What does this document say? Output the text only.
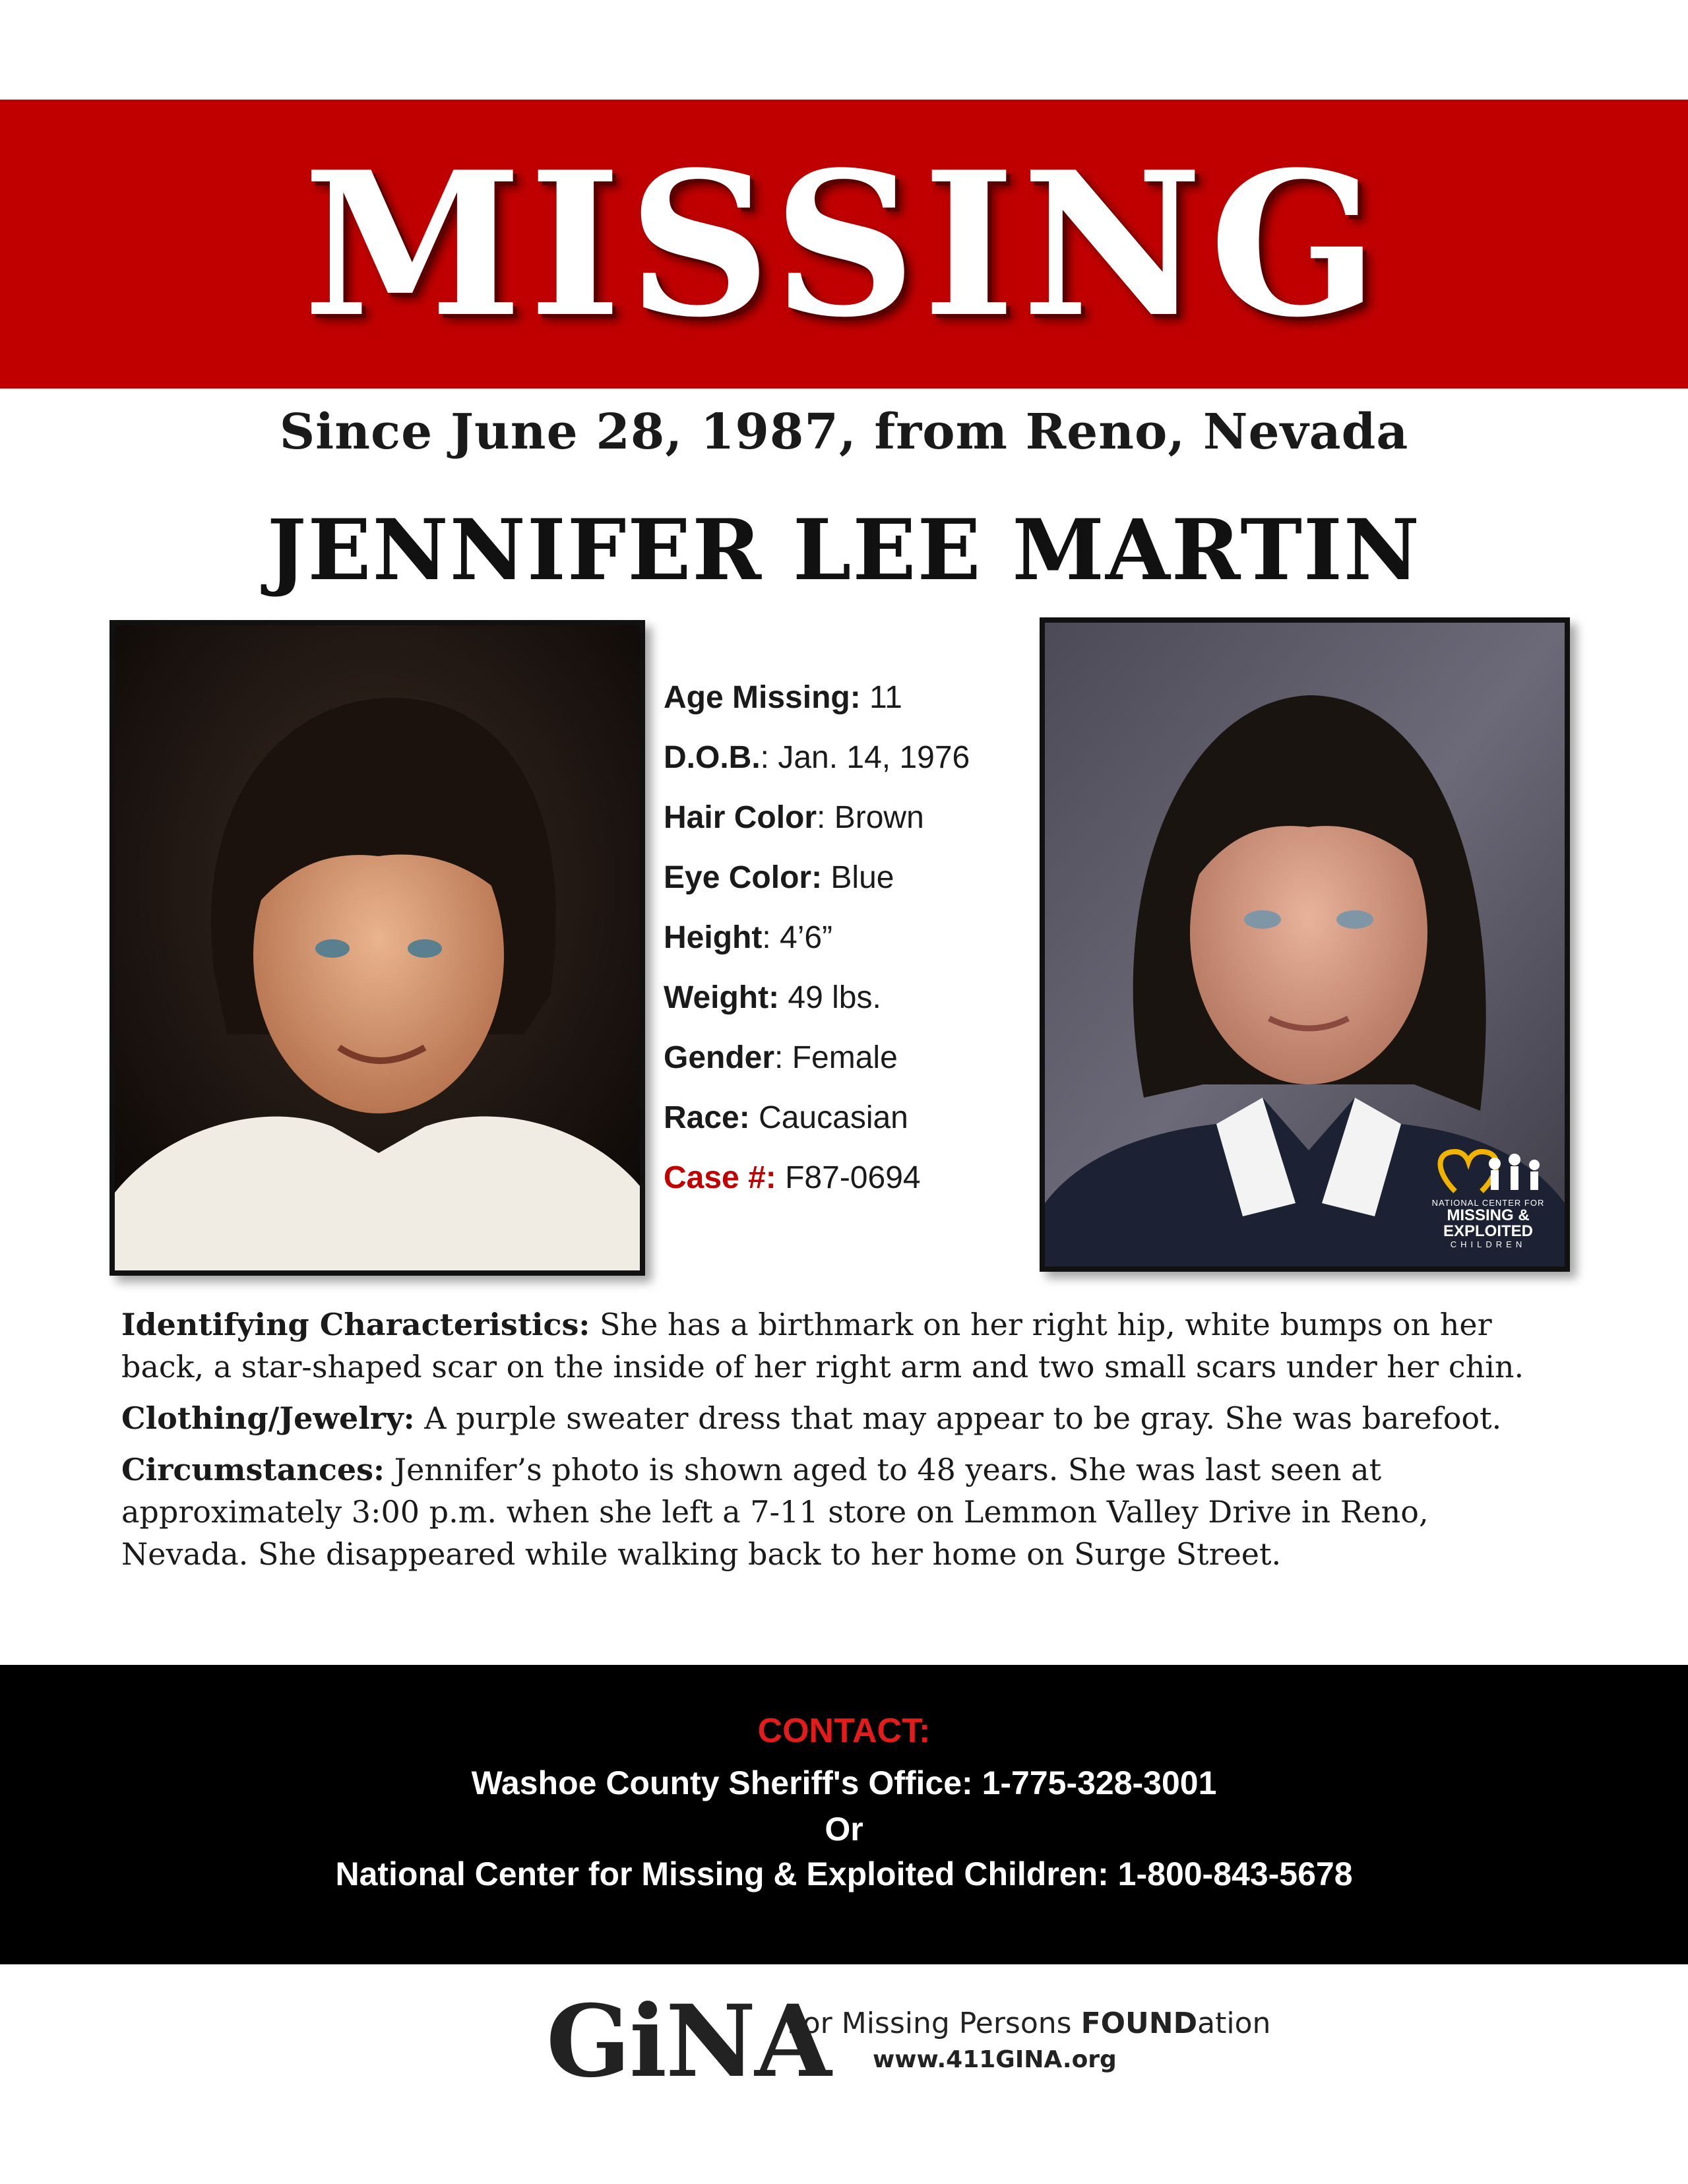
MISSING
Since June 28, 1987, from Reno, Nevada
JENNIFER LEE MARTIN
Age Missing: 11
D.O.B.: Jan. 14, 1976
Hair Color: Brown
Eye Color: Blue
Height: 4’6”
Weight: 49 lbs.
Gender: Female
Race: Caucasian
Case #: F87-0694
NATIONAL CENTER FOR
MISSING &
EXPLOITED
CHILDREN

Identifying Characteristics: She has a birthmark on her right hip, white bumps on her back, a star-shaped scar on the inside of her right arm and two small scars under her chin.

Clothing/Jewelry: A purple sweater dress that may appear to be gray. She was barefoot.

Circumstances: Jennifer’s photo is shown aged to 48 years. She was last seen at approximately 3:00 p.m. when she left a 7-11 store on Lemmon Valley Drive in Reno, Nevada. She disappeared while walking back to her home on Surge Street.

CONTACT:
Washoe County Sheriff's Office: 1-775-328-3001
Or
National Center for Missing & Exploited Children: 1-800-843-5678
GiNA
For Missing Persons FOUNDation
www.411GINA.org
